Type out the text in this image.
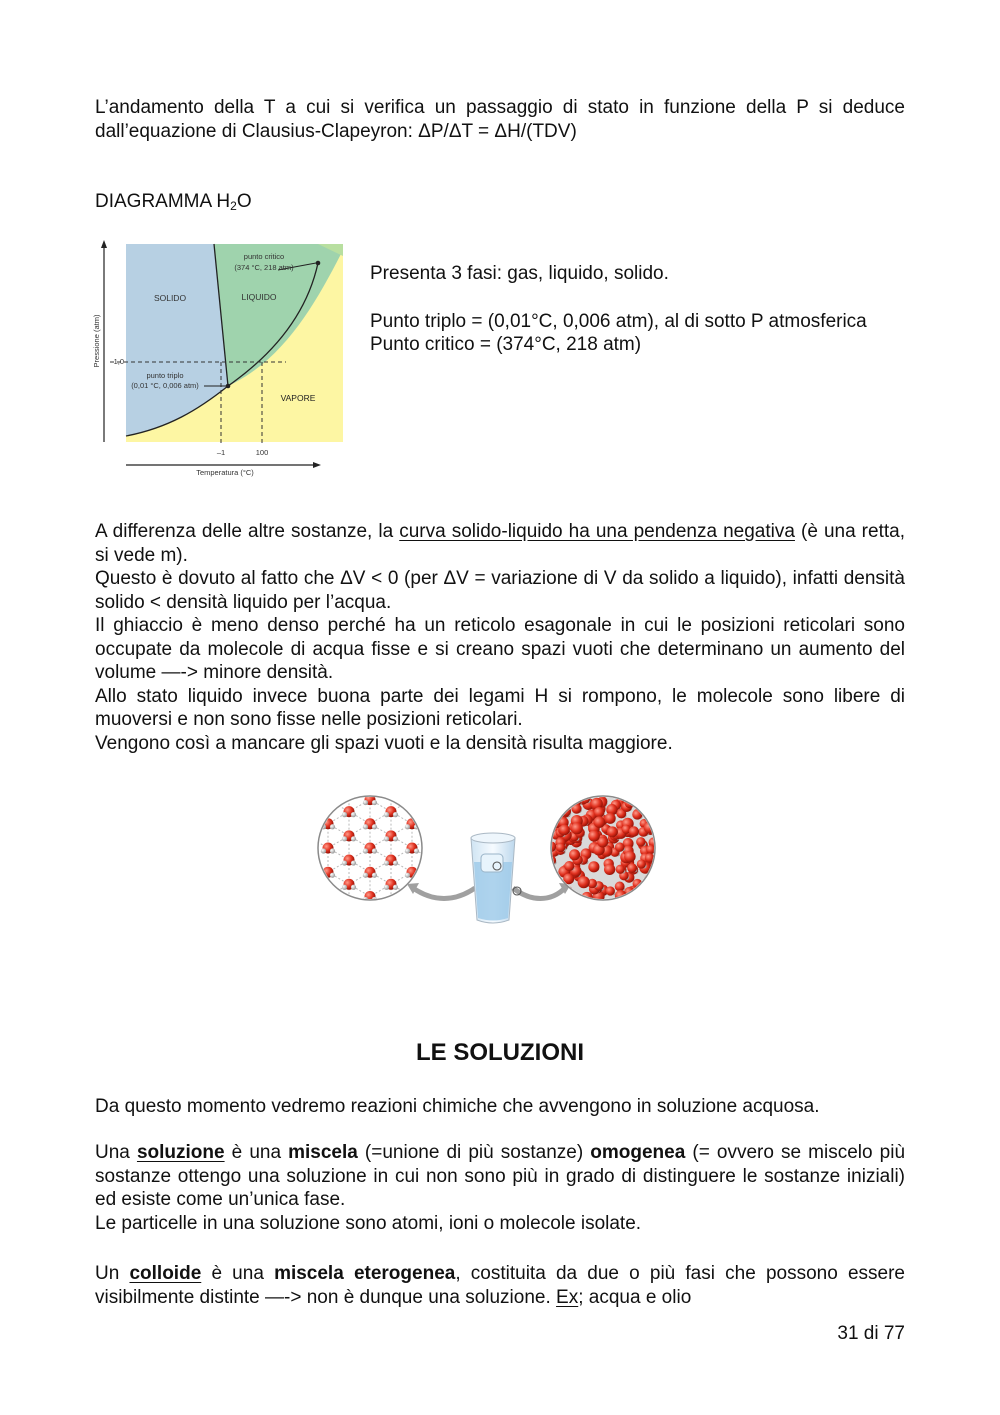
L’andamento della T a cui si verifica un passaggio di stato in funzione della P si deduce dall’equazione di Clausius-Clapeyron: ΔP/ΔT = ΔH/(TDV)

DIAGRAMMA $H_2O$

Pressione (atm) 1,0
–1	100
Temperatura (°C)
SOLIDO	LIQUIDO
VAPORE
punto critico
(374 °C, 218 atm)
punto triplo
(0,01 °C, 0,006 atm)

Presenta 3 fasi: gas, liquido, solido.

Punto triplo = (0,01°C, 0,006 atm), al di sotto P atmosferica

Punto critico = (374°C, 218 atm)

A differenza delle altre sostanze, la curva solido-liquido ha una pendenza negativa (è una retta, si vede m).
Questo è dovuto al fatto che ΔV < 0 (per ΔV = variazione di V da solido a liquido), infatti densità solido < densità liquido per l’acqua.
Il ghiaccio è meno denso perché ha un reticolo esagonale in cui le posizioni reticolari sono occupate da molecole di acqua fisse e si creano spazi vuoti che determinano un aumento del volume —-> minore densità.
Allo stato liquido invece buona parte dei legami H si rompono, le molecole sono libere di muoversi e non sono fisse nelle posizioni reticolari.
Vengono così a mancare gli spazi vuoti e la densità risulta maggiore.
LE SOLUZIONI

Da questo momento vedremo reazioni chimiche che avvengono in soluzione acquosa.

Una soluzione è una miscela (=unione di più sostanze) omogenea (= ovvero se miscelo più sostanze ottengo una soluzione in cui non sono più in grado di distinguere le sostanze iniziali) ed esiste come un’unica fase.
Le particelle in una soluzione sono atomi, ioni o molecole isolate.
Un colloide è una miscela eterogenea, costituita da due o più fasi che possono essere visibilmente distinte —-> non è dunque una soluzione. Ex; acqua e olio
31 di 77
